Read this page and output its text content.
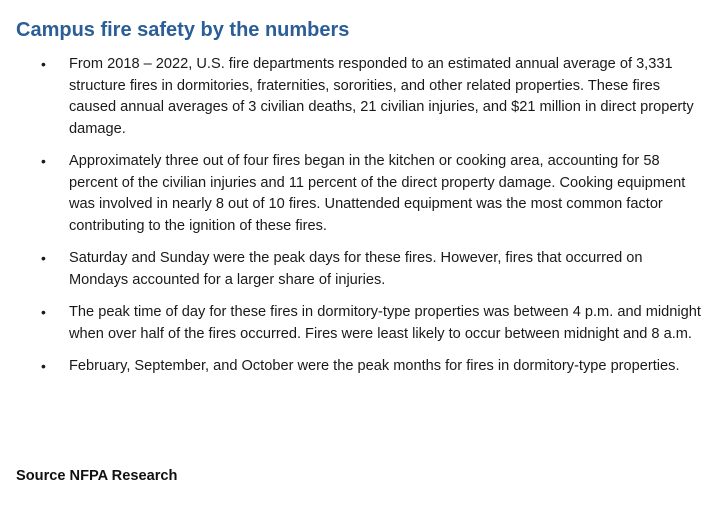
Campus fire safety by the numbers
•	From 2018 – 2022, U.S. fire departments responded to an estimated annual average of 3,331 structure fires in dormitories, fraternities, sororities, and other related properties. These fires caused annual averages of 3 civilian deaths, 21 civilian injuries, and $21 million in direct property damage.
•	Approximately three out of four fires began in the kitchen or cooking area, accounting for 58 percent of the civilian injuries and 11 percent of the direct property damage. Cooking equipment was involved in nearly 8 out of 10 fires. Unattended equipment was the most common factor contributing to the ignition of these fires.
•	Saturday and Sunday were the peak days for these fires. However, fires that occurred on Mondays accounted for a larger share of injuries.
•	The peak time of day for these fires in dormitory-type properties was between 4 p.m. and midnight when over half of the fires occurred. Fires were least likely to occur between midnight and 8 a.m.
•	February, September, and October were the peak months for fires in dormitory-type properties.

Source NFPA Research
